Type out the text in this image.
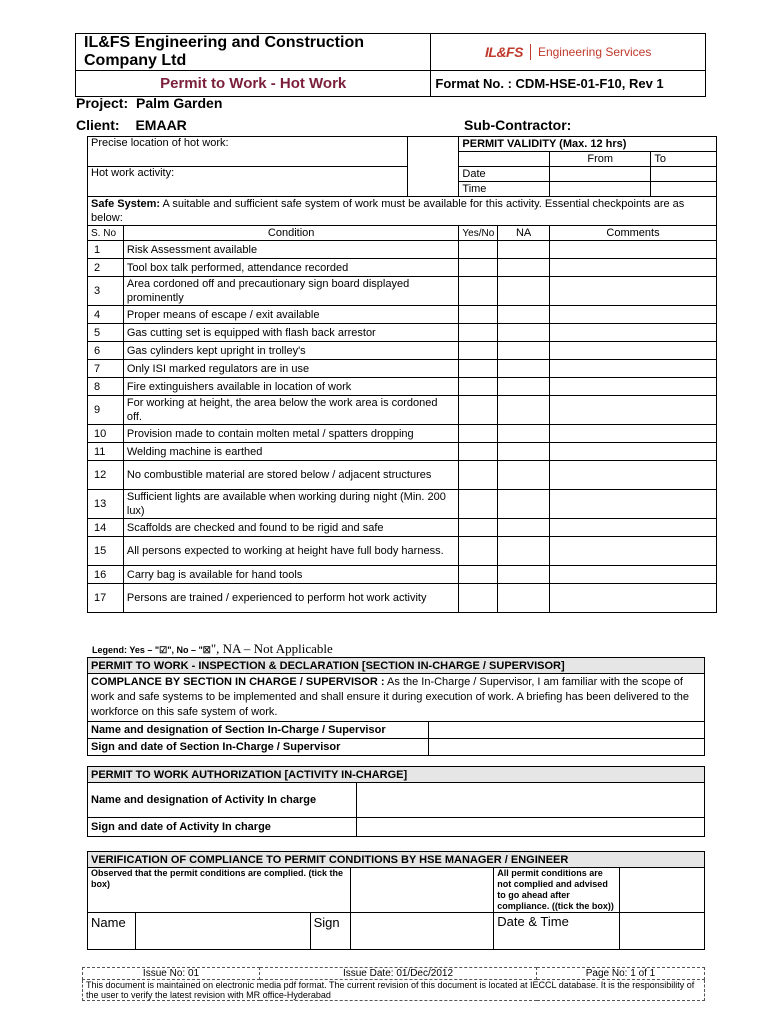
IL&FS Engineering and Construction Company Ltd	IL&FS Engineering Services

Permit to Work - Hot Work	Format No. : CDM-HSE-01-F10, Rev 1
Project: Palm Garden
Client: EMAAR	Sub-Contractor:
Precise location of hot work:			PERMIT VALIDITY (Max. 12 hrs)			
					From	To
Hot work activity:			Date			
			Time			
Safe System: A suitable and sufficient safe system of work must be available for this activity. Essential checkpoints are as below:						
S. No	Condition		Yes/No	NA	Comments	
1	Risk Assessment available					
2	Tool box talk performed, attendance recorded					
3	Area cordoned off and precautionary sign board displayed prominently					
4	Proper means of escape / exit available					
5	Gas cutting set is equipped with flash back arrestor					
6	Gas cylinders kept upright in trolley's					
7	Only ISI marked regulators are in use					
8	Fire extinguishers available in location of work					
9	For working at height, the area below the work area is cordoned off.					
10	Provision made to contain molten metal / spatters dropping					
11	Welding machine is earthed					
12	No combustible material are stored below / adjacent structures					
13	Sufficient lights are available when working during night (Min. 200 lux)					
14	Scaffolds are checked and found to be rigid and safe					
15	All persons expected to working at height have full body harness.					
16	Carry bag is available for hand tools					
17	Persons are trained / experienced to perform hot work activity					
Legend: Yes – "☑", No – "☒", NA – Not Applicable
PERMIT TO WORK - INSPECTION & DECLARATION [SECTION IN-CHARGE / SUPERVISOR]	
COMPLANCE BY SECTION IN CHARGE / SUPERVISOR : As the In-Charge / Supervisor, I am familiar with the scope of work and safe systems to be implemented and shall ensure it during execution of work. A briefing has been delivered to the workforce on this safe system of work.	
Name and designation of Section In-Charge / Supervisor	
Sign and date of Section In-Charge / Supervisor	
PERMIT TO WORK AUTHORIZATION [ACTIVITY IN-CHARGE]	
Name and designation of Activity In charge	
Sign and date of Activity In charge	
VERIFICATION OF COMPLIANCE TO PERMIT CONDITIONS BY HSE MANAGER / ENGINEER					
Observed that the permit conditions are complied. (tick the box)				All permit conditions are not complied and advised to go ahead after compliance. ((tick the box))	
Name		Sign		Date & Time	
Issue No: 01	Issue Date: 01/Dec/2012	Page No: 1 of 1
This document is maintained on electronic media pdf format. The current revision of this document is located at IECCL database. It is the responsibility of the user to verify the latest revision with MR office-Hyderabad
